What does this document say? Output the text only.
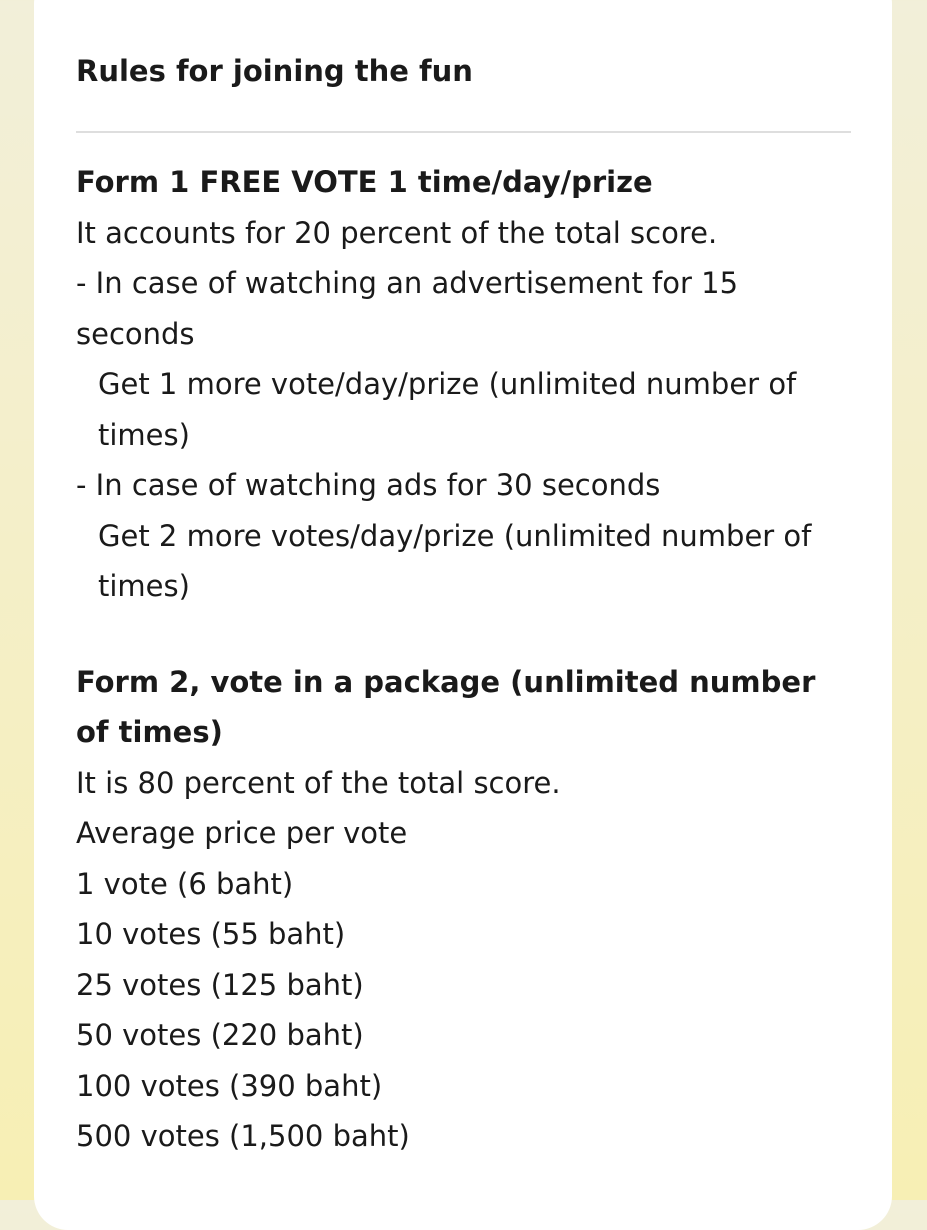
Rules for joining the fun

Form 1 FREE VOTE 1 time/day/prize

It accounts for 20 percent of the total score.

- In case of watching an advertisement for 15 seconds

Get 1 more vote/day/prize (unlimited number of times)

- In case of watching ads for 30 seconds

Get 2 more votes/day/prize (unlimited number of times)

Form 2, vote in a package (unlimited number of times)

It is 80 percent of the total score.

Average price per vote

1 vote (6 baht)

10 votes (55 baht)

25 votes (125 baht)

50 votes (220 baht)

100 votes (390 baht)

500 votes (1,500 baht)
